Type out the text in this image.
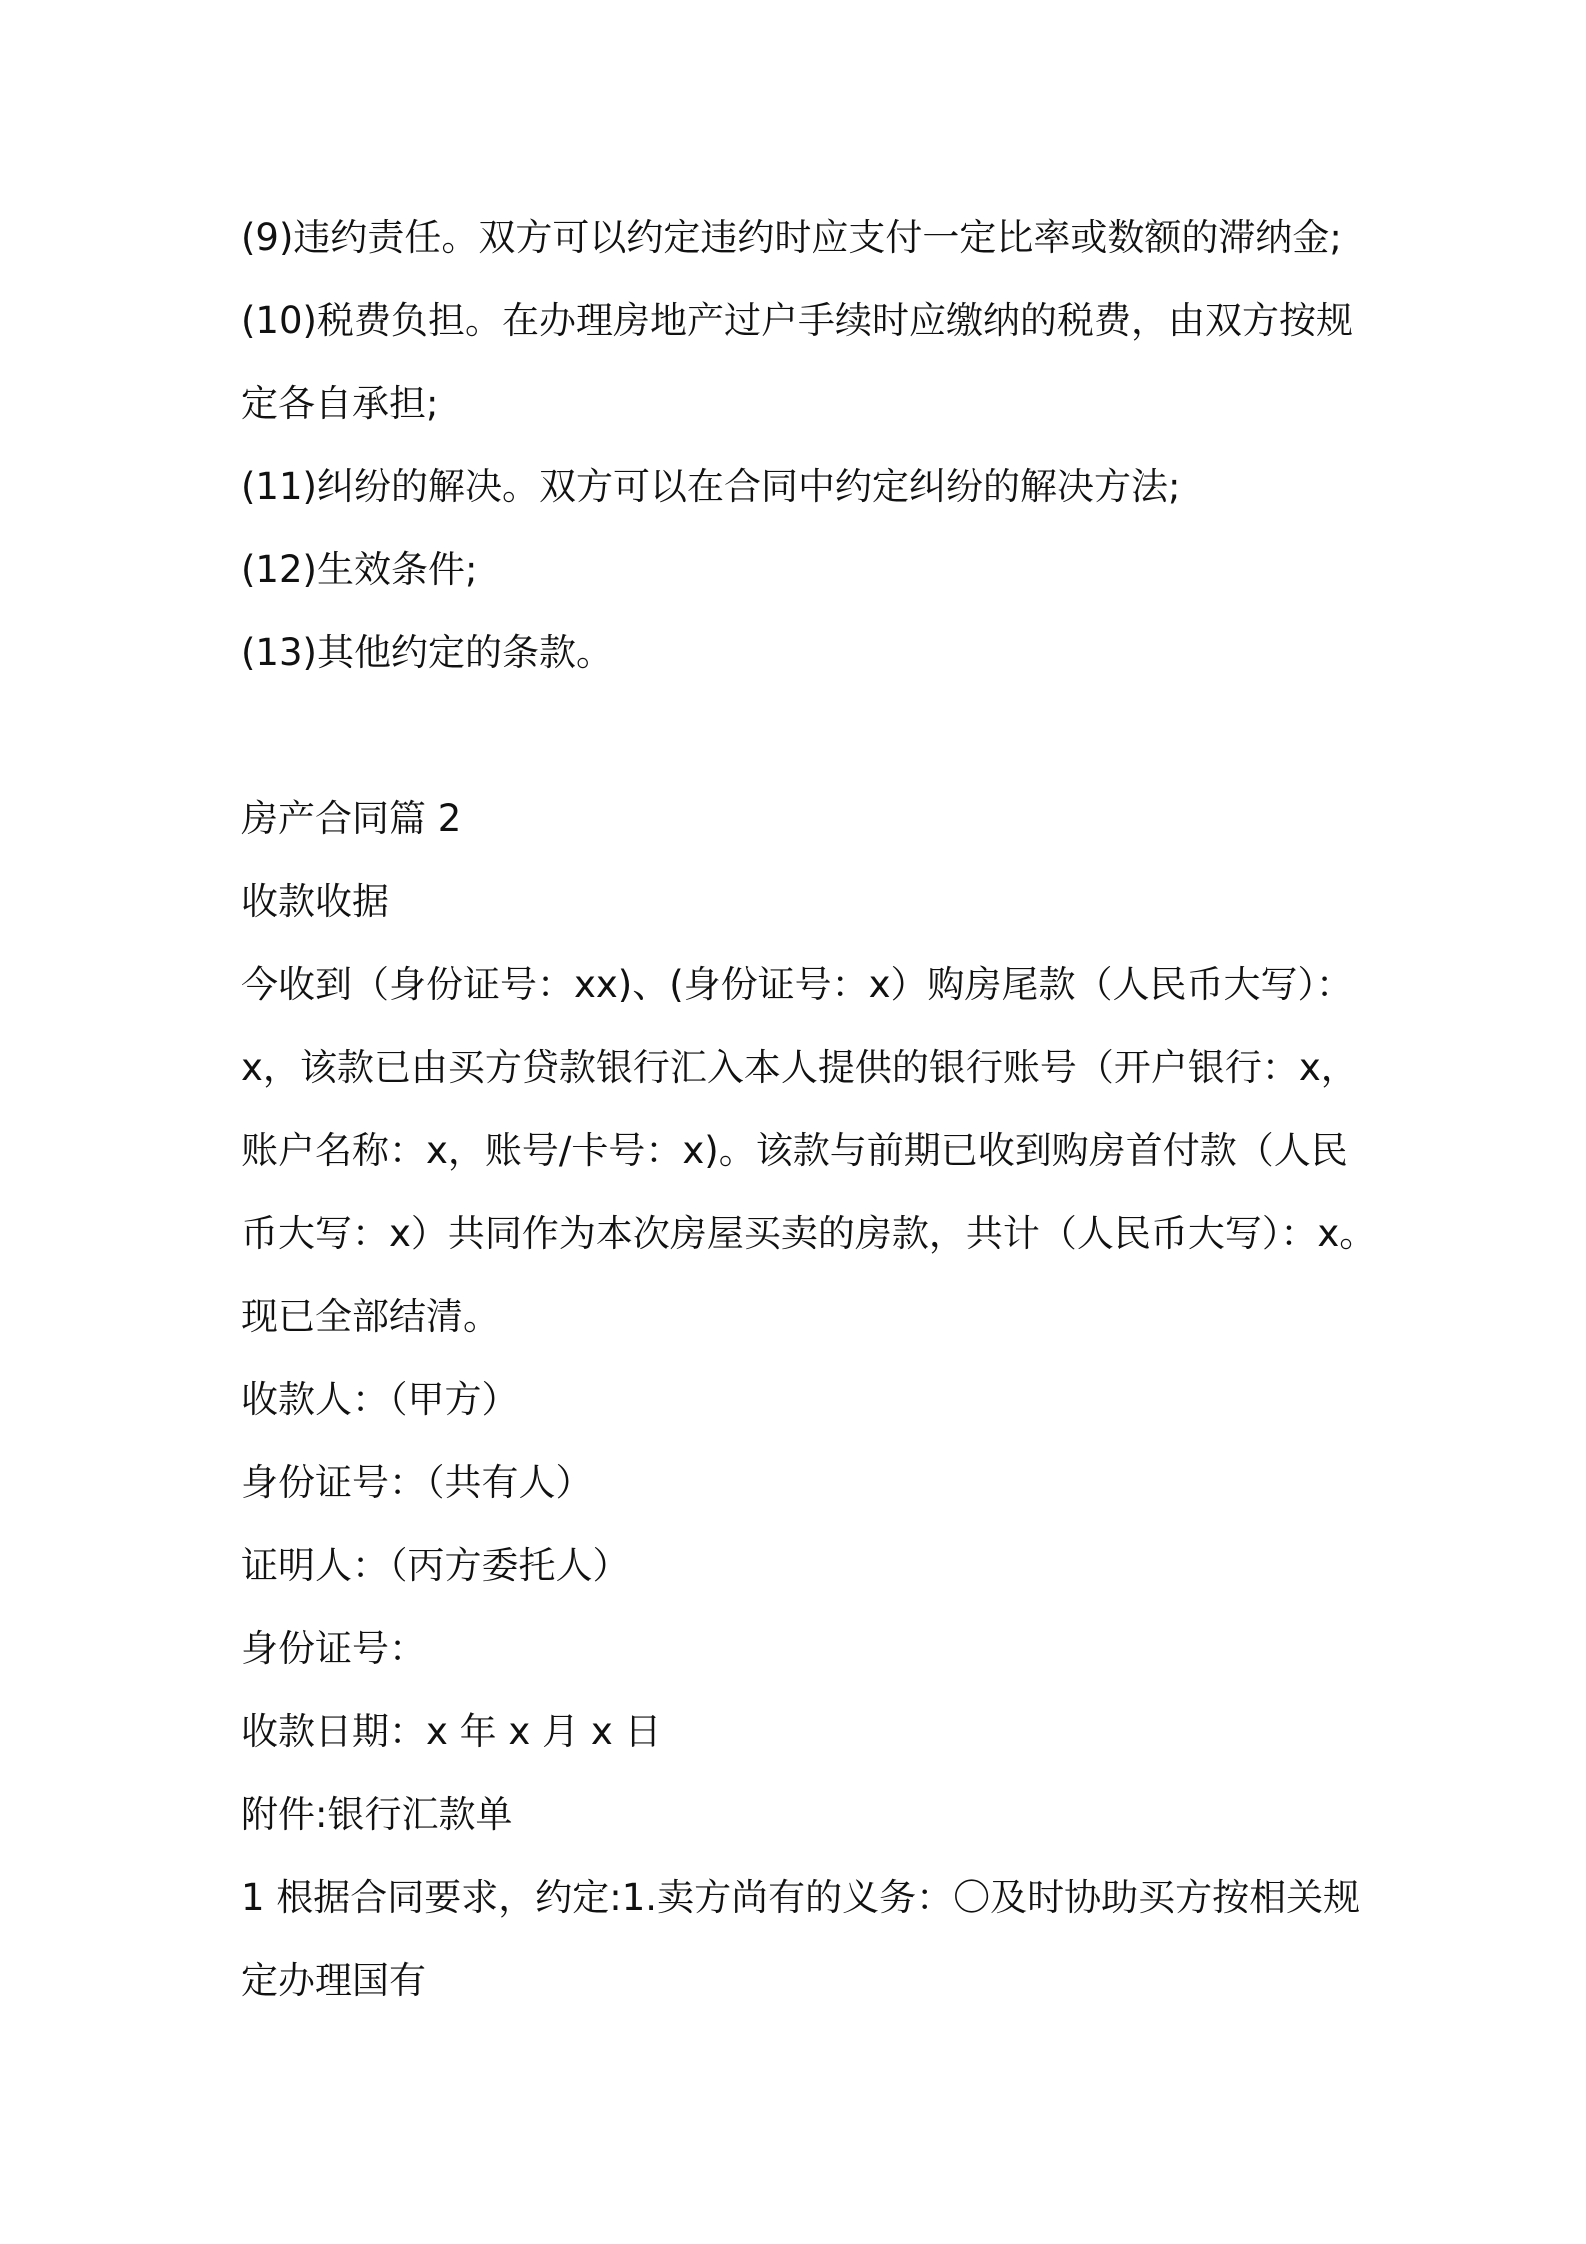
(9)违约责任。双方可以约定违约时应支付一定比率或数额的滞纳金;
(10)税费负担。在办理房地产过户手续时应缴纳的税费，由双方按规
定各自承担;
(11)纠纷的解决。双方可以在合同中约定纠纷的解决方法;
(12)生效条件;
(13)其他约定的条款。
房产合同篇 2
收款收据
今收到（身份证号：xx)、(身份证号：x）购房尾款（人民币大写）：
x，该款已由买方贷款银行汇入本人提供的银行账号（开户银行：x，
账户名称：x，账号/卡号：x)。该款与前期已收到购房首付款（人民
币大写：x）共同作为本次房屋买卖的房款，共计（人民币大写）：x。
现已全部结清。
收款人：（甲方）
身份证号：（共有人）
证明人：（丙方委托人）
身份证号：
收款日期：x 年 x 月 x 日
附件:银行汇款单
1 根据合同要求，约定:1.卖方尚有的义务：〇及时协助买方按相关规
定办理国有
